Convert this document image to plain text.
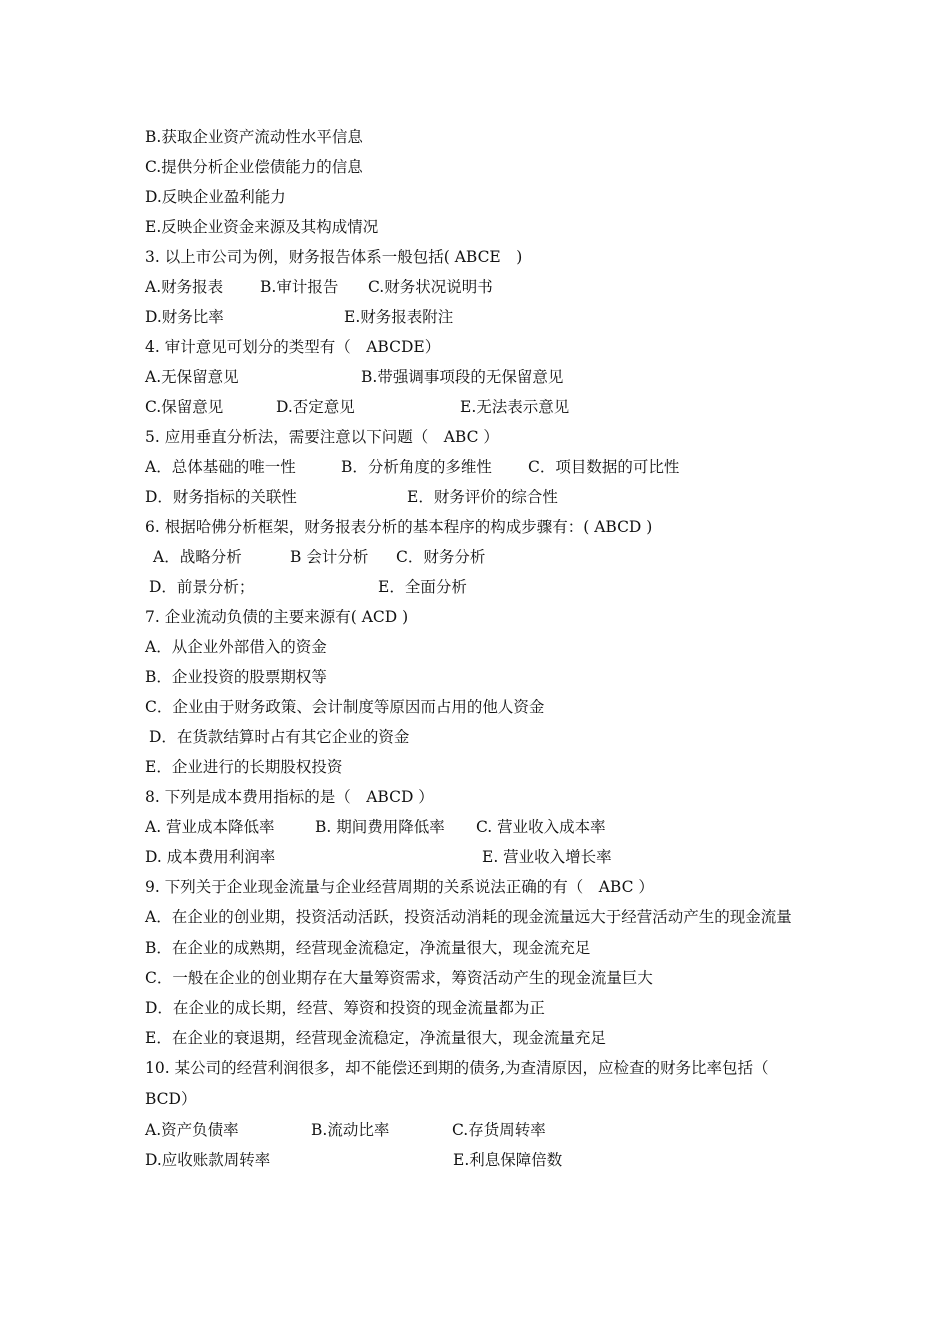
B.获取企业资产流动性水平信息
C.提供分析企业偿债能力的信息
D.反映企业盈利能力
E.反映企业资金来源及其构成情况
3. 以上市公司为例，财务报告体系一般包括( ABCE　)
A.财务报表 B.审计报告 C.财务状况说明书
D.财务比率	E.财务报表附注
4. 审计意见可划分的类型有（　ABCDE）
A.无保留意见	B.带强调事项段的无保留意见
C.保留意见	D.否定意见	E.无法表示意见
5. 应用垂直分析法，需要注意以下问题（　ABC ）
A．总体基础的唯一性	B．分析角度的多维性 C．项目数据的可比性
D．财务指标的关联性	E．财务评价的综合性
6. 根据哈佛分析框架，财务报表分析的基本程序的构成步骤有：( ABCD )
A．战略分析	B 会计分析 C．财务分析
D．前景分析；	E．全面分析
7. 企业流动负债的主要来源有( ACD )
A．从企业外部借入的资金
B．企业投资的股票期权等
C．企业由于财务政策、会计制度等原因而占用的他人资金
D．在货款结算时占有其它企业的资金
E．企业进行的长期股权投资
8. 下列是成本费用指标的是（　ABCD ）
A. 营业成本降低率	B. 期间费用降低率 C. 营业收入成本率
D. 成本费用利润率	E. 营业收入增长率
9. 下列关于企业现金流量与企业经营周期的关系说法正确的有（　ABC ）
A．在企业的创业期，投资活动活跃，投资活动消耗的现金流量远大于经营活动产生的现金流量
B．在企业的成熟期，经营现金流稳定，净流量很大，现金流充足
C．一般在企业的创业期存在大量筹资需求，筹资活动产生的现金流量巨大
D．在企业的成长期，经营、筹资和投资的现金流量都为正
E．在企业的衰退期，经营现金流稳定，净流量很大，现金流量充足
10. 某公司的经营利润很多，却不能偿还到期的债务,为查清原因，应检查的财务比率包括（　BCD）
A.资产负债率	B.流动比率	C.存货周转率
D.应收账款周转率	E.利息保障倍数
